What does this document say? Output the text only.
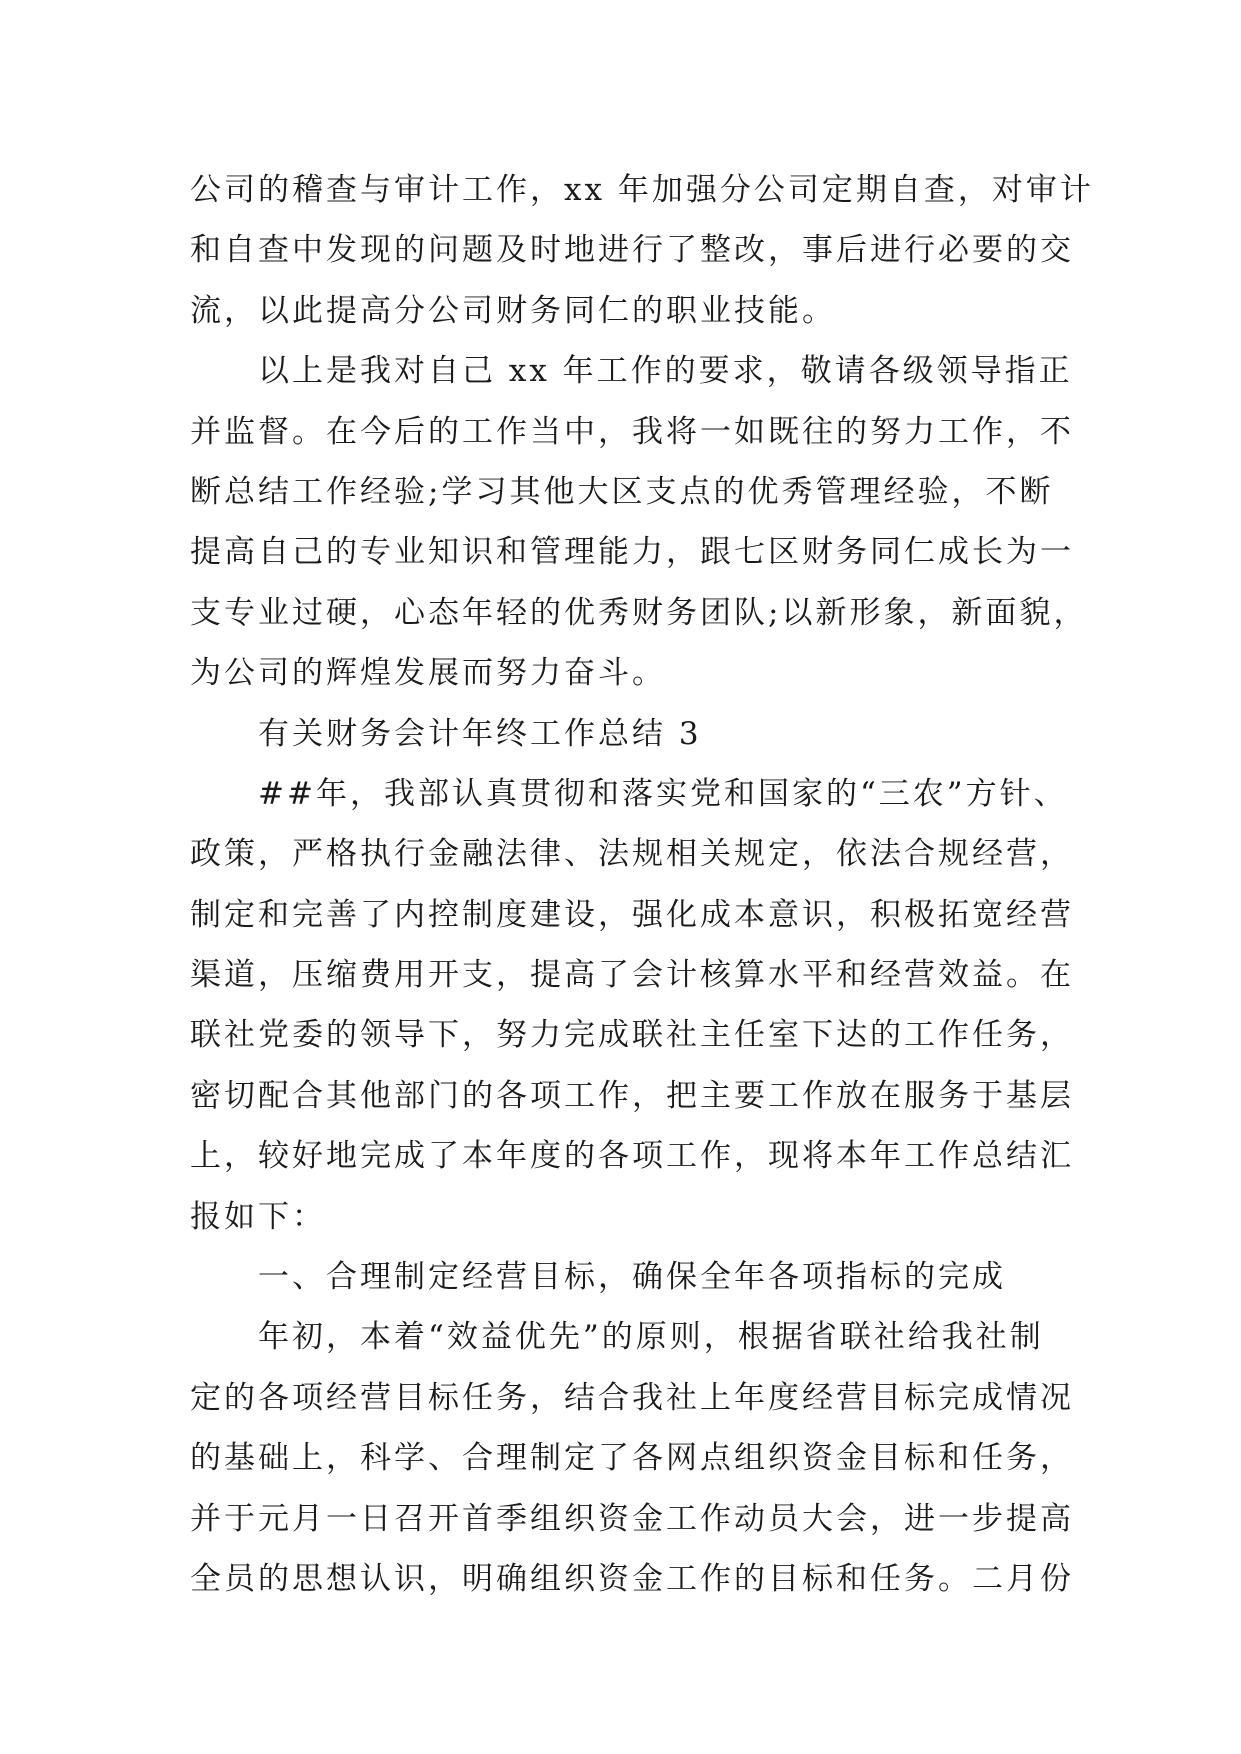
公司的稽查与审计工作，xx 年加强分公司定期自查，对审计
和自查中发现的问题及时地进行了整改，事后进行必要的交
流，以此提高分公司财务同仁的职业技能。
以上是我对自己 xx 年工作的要求，敬请各级领导指正
并监督。在今后的工作当中，我将一如既往的努力工作，不
断总结工作经验;学习其他大区支点的优秀管理经验，不断
提高自己的专业知识和管理能力，跟七区财务同仁成长为一
支专业过硬，心态年轻的优秀财务团队;以新形象，新面貌，
为公司的辉煌发展而努力奋斗。
有关财务会计年终工作总结 3
##年，我部认真贯彻和落实党和国家的“三农”方针、
政策，严格执行金融法律、法规相关规定，依法合规经营，
制定和完善了内控制度建设，强化成本意识，积极拓宽经营
渠道，压缩费用开支，提高了会计核算水平和经营效益。在
联社党委的领导下，努力完成联社主任室下达的工作任务，
密切配合其他部门的各项工作，把主要工作放在服务于基层
上，较好地完成了本年度的各项工作，现将本年工作总结汇
报如下：
一、合理制定经营目标，确保全年各项指标的完成
年初，本着“效益优先”的原则，根据省联社给我社制
定的各项经营目标任务，结合我社上年度经营目标完成情况
的基础上，科学、合理制定了各网点组织资金目标和任务，
并于元月一日召开首季组织资金工作动员大会，进一步提高
全员的思想认识，明确组织资金工作的目标和任务。二月份
